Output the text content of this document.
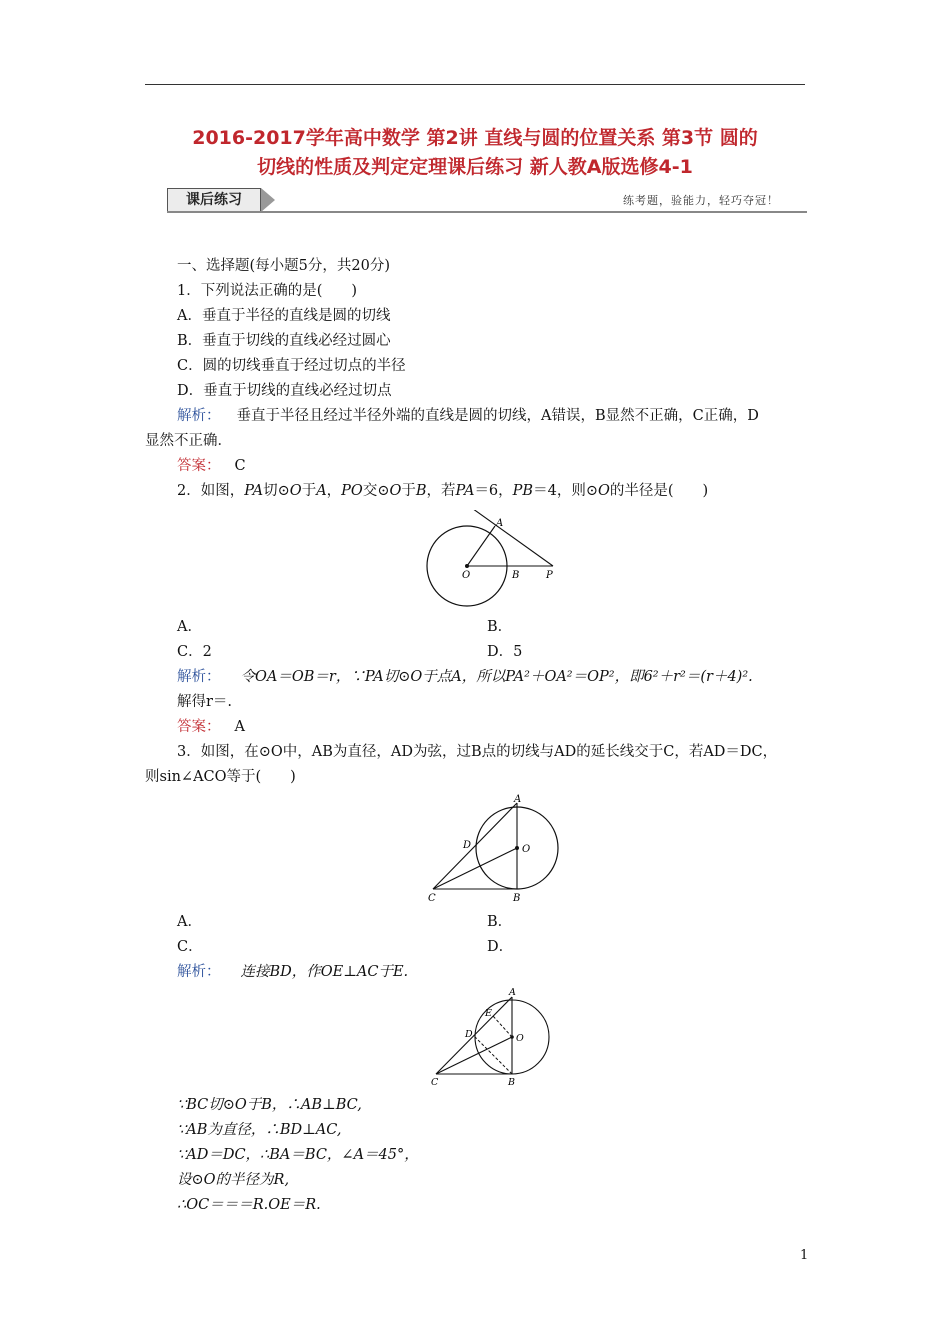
2016-2017学年高中数学 第2讲 直线与圆的位置关系 第3节 圆的
切线的性质及判定定理课后练习 新人教A版选修4-1
课后练习	练考题，验能力，轻巧夺冠！
一、选择题(每小题5分，共20分)
1．下列说法正确的是(　　)
A．垂直于半径的直线是圆的切线
B．垂直于切线的直线必经过圆心
C．圆的切线垂直于经过切点的半径
D．垂直于切线的直线必经过切点
解析： 垂直于半径且经过半径外端的直线是圆的切线，A错误，B显然不正确，C正确，D
显然不正确．
答案： C
2．如图，PA切⊙O于A，PO交⊙O于B，若PA＝6，PB＝4，则⊙O的半径是(　　)
A
O	B	P
A．	B．
C．2	D．5
解析： 令OA＝OB＝r，∵PA切⊙O于点A，所以PA²＋OA²＝OP²，即6²＋r²＝(r＋4)².
解得r＝.
答案： A
3．如图，在⊙O中，AB为直径，AD为弦，过B点的切线与AD的延长线交于C，若AD＝DC，
则sin∠ACO等于(　　)
A
D	O
C	B
A．	B．
C．	D．
解析： 连接BD，作OE⊥AC于E.
A
E
D	O
C	B
∵BC切⊙O于B，∴AB⊥BC,
∵AB为直径，∴BD⊥AC,
∵AD＝DC，∴BA＝BC，∠A＝45°，
设⊙O的半径为R,
∴OC＝＝＝R.OE＝R.
1
